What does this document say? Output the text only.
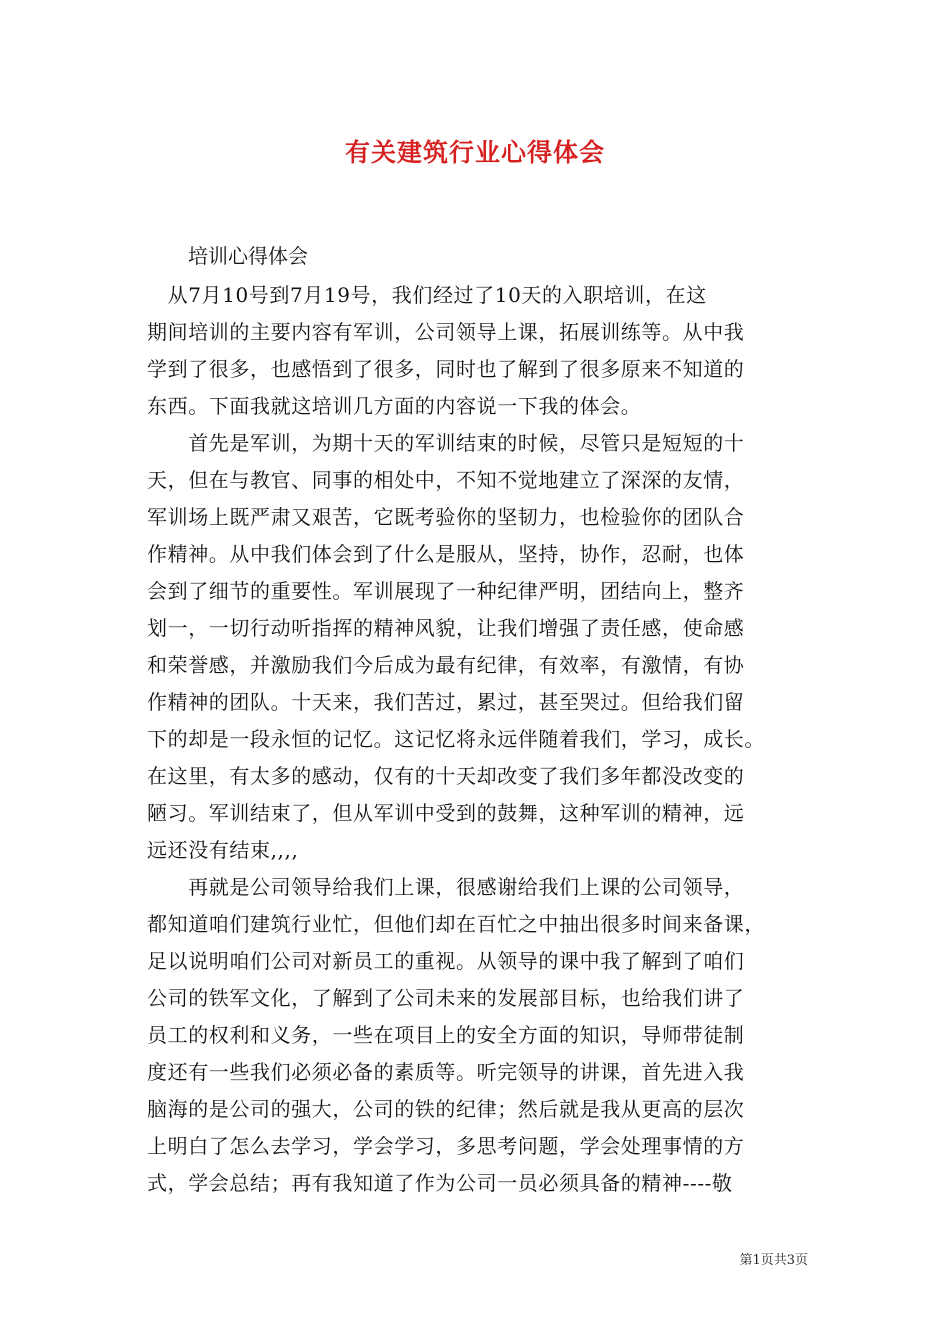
有关建筑行业心得体会
培训心得体会
　从7月10号到7月19号，我们经过了10天的入职培训，在这
期间培训的主要内容有军训，公司领导上课，拓展训练等。从中我
学到了很多，也感悟到了很多，同时也了解到了很多原来不知道的
东西。下面我就这培训几方面的内容说一下我的体会。
　　首先是军训，为期十天的军训结束的时候，尽管只是短短的十
天，但在与教官、同事的相处中，不知不觉地建立了深深的友情，
军训场上既严肃又艰苦，它既考验你的坚韧力，也检验你的团队合
作精神。从中我们体会到了什么是服从，坚持，协作，忍耐，也体
会到了细节的重要性。军训展现了一种纪律严明，团结向上，整齐
划一，一切行动听指挥的精神风貌，让我们增强了责任感，使命感
和荣誉感，并激励我们今后成为最有纪律，有效率，有激情，有协
作精神的团队。十天来，我们苦过，累过，甚至哭过。但给我们留
下的却是一段永恒的记忆。这记忆将永远伴随着我们，学习，成长。
在这里，有太多的感动，仅有的十天却改变了我们多年都没改变的
陋习。军训结束了，但从军训中受到的鼓舞，这种军训的精神，远
远还没有结束,,,,
　　再就是公司领导给我们上课，很感谢给我们上课的公司领导，
都知道咱们建筑行业忙，但他们却在百忙之中抽出很多时间来备课，
足以说明咱们公司对新员工的重视。从领导的课中我了解到了咱们
公司的铁军文化，了解到了公司未来的发展部目标，也给我们讲了
员工的权利和义务，一些在项目上的安全方面的知识，导师带徒制
度还有一些我们必须必备的素质等。听完领导的讲课，首先进入我
脑海的是公司的强大，公司的铁的纪律；然后就是我从更高的层次
上明白了怎么去学习，学会学习，多思考问题，学会处理事情的方
式，学会总结；再有我知道了作为公司一员必须具备的精神----敬
第1页共3页
